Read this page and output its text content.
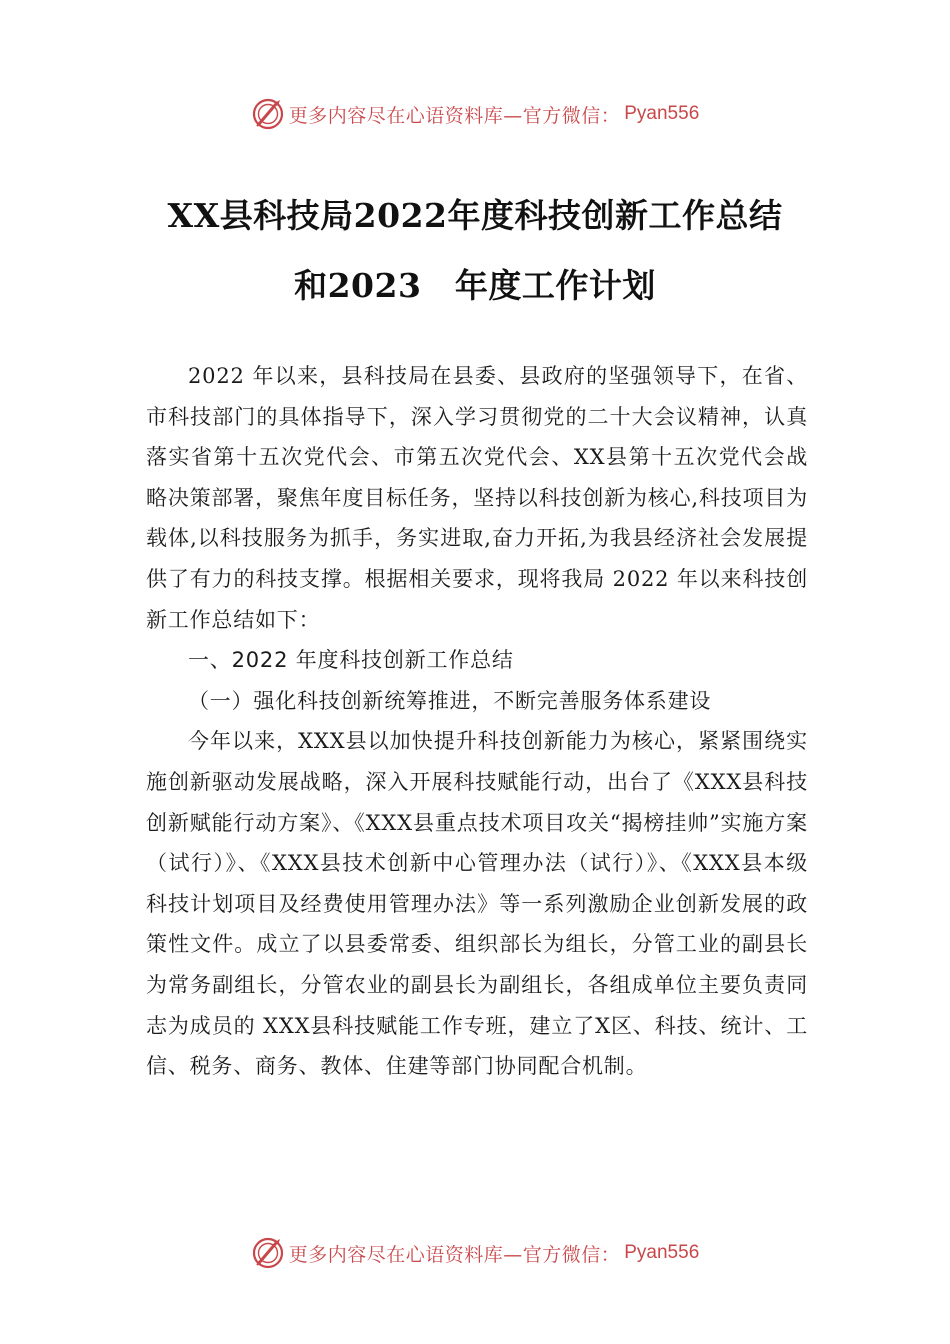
更多内容尽在心语资料库—官方微信： Pyan556
XX县科技局2022年度科技创新工作总结
和2023　年度工作计划

2022 年以来，县科技局在县委、县政府的坚强领导下，在省、市科技部门的具体指导下，深入学习贯彻党的二十大会议精神，认真落实省第十五次党代会、市第五次党代会、XX县第十五次党代会战略决策部署，聚焦年度目标任务，坚持以科技创新为核心,科技项目为载体,以科技服务为抓手，务实进取,奋力开拓,为我县经济社会发展提供了有力的科技支撑。根据相关要求，现将我局 2022 年以来科技创新工作总结如下：

一、2022 年度科技创新工作总结

（一）强化科技创新统筹推进，不断完善服务体系建设

今年以来，XXX县以加快提升科技创新能力为核心，紧紧围绕实施创新驱动发展战略，深入开展科技赋能行动，出台了《XXX县科技创新赋能行动方案》、《XXX县重点技术项目攻关“揭榜挂帅”实施方案（试行）》、《XXX县技术创新中心管理办法（试行）》、《XXX县本级科技计划项目及经费使用管理办法》等一系列激励企业创新发展的政策性文件。成立了以县委常委、组织部长为组长，分管工业的副县长为常务副组长，分管农业的副县长为副组长，各组成单位主要负责同志为成员的 XXX县科技赋能工作专班，建立了X区、科技、统计、工信、税务、商务、教体、住建等部门协同配合机制。

更多内容尽在心语资料库—官方微信： Pyan556
